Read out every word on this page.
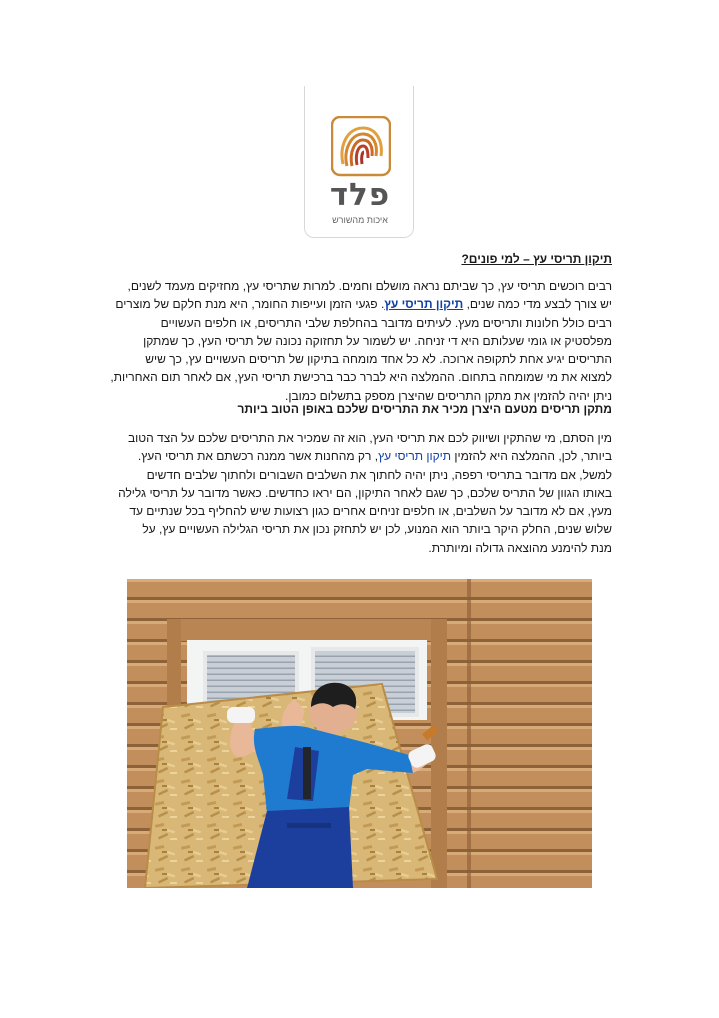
פלד
איכות מהשורש
תיקון תריסי עץ – למי פונים?
רבים רוכשים תריסי עץ, כך שביתם נראה מושלם וחמים. למרות שתריסי עץ, מחזיקים מעמד לשנים,
יש צורך לבצע מדי כמה שנים, תיקון תריסי עץ. פגעי הזמן ועייפות החומר, היא מנת חלקם של מוצרים
רבים כולל חלונות ותריסים מעץ. לעיתים מדובר בהחלפת שלבי התריסים, או חלפים העשויים
מפלסטיק או גומי שעלותם היא די זניחה. יש לשמור על תחזוקה נכונה של תריסי העץ, כך שמתקן
התריסים יגיע אחת לתקופה ארוכה. לא כל אחד מומחה בתיקון של תריסים העשויים עץ, כך שיש
למצוא את מי שמומחה בתחום. ההמלצה היא לברר כבר ברכישת תריסי העץ, אם לאחר תום האחריות,
ניתן יהיה להזמין את מתקן התריסים שהיצרן מספק בתשלום כמובן.
מתקן תריסים מטעם היצרן מכיר את התריסים שלכם באופן הטוב ביותר
מין הסתם, מי שהתקין ושיווק לכם את תריסי העץ, הוא זה שמכיר את התריסים שלכם על הצד הטוב
ביותר, לכן, ההמלצה היא להזמין תיקון תריסי עץ, רק מהחנות אשר ממנה רכשתם את תריסי העץ.
למשל, אם מדובר בתריסי רפפה, ניתן יהיה לחתוך את השלבים השבורים ולחתוך שלבים חדשים
באותו הגוון של התריס שלכם, כך שגם לאחר התיקון, הם יראו כחדשים. כאשר מדובר על תריסי גלילה
מעץ, אם לא מדובר על השלבים, או חלפים זניחים אחרים כגון רצועות שיש להחליף בכל שנתיים עד
שלוש שנים, החלק היקר ביותר הוא המנוע, לכן יש לתחזק נכון את תריסי הגלילה העשויים עץ, על
מנת להימנע מהוצאה גדולה ומיותרת.
